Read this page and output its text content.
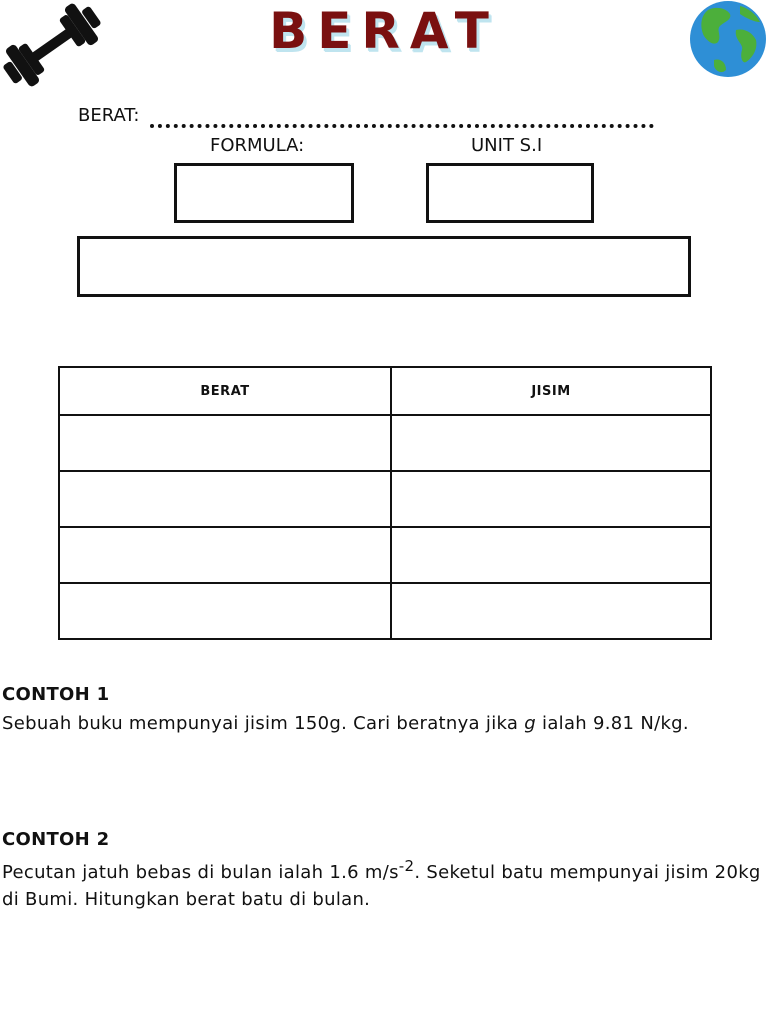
BERAT
BERAT:
FORMULA:	UNIT S.I
BERAT	JISIM

CONTOH 1
Sebuah buku mempunyai jisim 150g. Cari beratnya jika g ialah 9.81 N/kg.
CONTOH 2
Pecutan jatuh bebas di bulan ialah 1.6 $m/s^{-2}$. Seketul batu mempunyai jisim 20kg di Bumi. Hitungkan berat batu di bulan.
